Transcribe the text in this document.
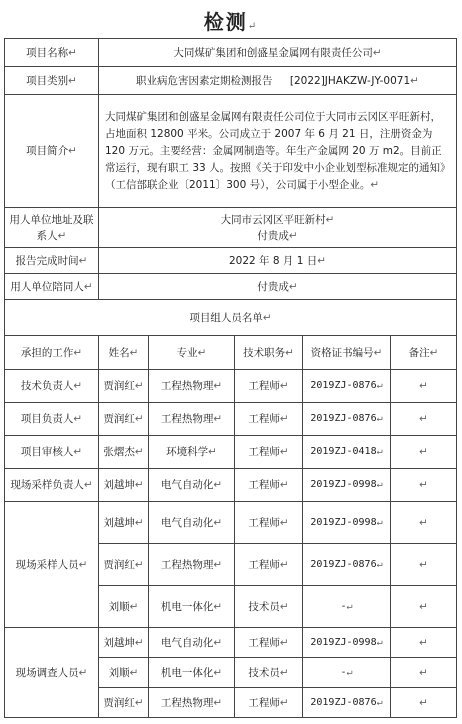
检测↵
项目名称↵	大同煤矿集团和创盛星金属网有限责任公司↵				
项目类别↵	职业病危害因素定期检测报告 [2022]JHAKZW-JY-0071↵				
项目简介↵	大同煤矿集团和创盛星金属网有限责任公司位于大同市云冈区平旺新村，占地面积 12800 平米。公司成立于 2007 年 6 月 21 日，注册资金为 120 万元。主要经营：金属网制造等。年生产金属网 20 万 m2。目前正常运行，现有职工 33 人。按照《关于印发中小企业划型标准规定的通知》（工信部联企业〔2011〕300 号），公司属于小型企业。↵				
用人单位地址及联系人↵	大同市云冈区平旺新村↵
付贵成↵				

报告完成时间↵	2022 年 8 月 1 日↵				
用人单位陪同人↵	付贵成↵				
项目组人员名单↵					
承担的工作↵	姓名↵	专业↵	技术职务↵	资格证书编号↵	备注↵
技术负责人↵	贾润红↵	工程热物理↵	工程师↵	2019ZJ-0876↵	↵
项目负责人↵	贾润红↵	工程热物理↵	工程师↵	2019ZJ-0876↵	↵
项目审核人↵	张熠杰↵	环境科学↵	工程师↵	2019ZJ-0418↵	↵
现场采样负责人↵	刘越坤↵	电气自动化↵	工程师↵	2019ZJ-0998↵	↵
现场采样人员↵	刘越坤↵	电气自动化↵	工程师↵	2019ZJ-0998↵	↵
	贾润红↵	工程热物理↵	工程师↵	2019ZJ-0876↵	↵
	刘顺↵	机电一体化↵	技术员↵	-↵	↵
现场调查人员↵	刘越坤↵	电气自动化↵	工程师↵	2019ZJ-0998↵	↵
	刘顺↵	机电一体化↵	技术员↵	-↵	↵
	贾润红↵	工程热物理↵	工程师↵	2019ZJ-0876↵	↵
